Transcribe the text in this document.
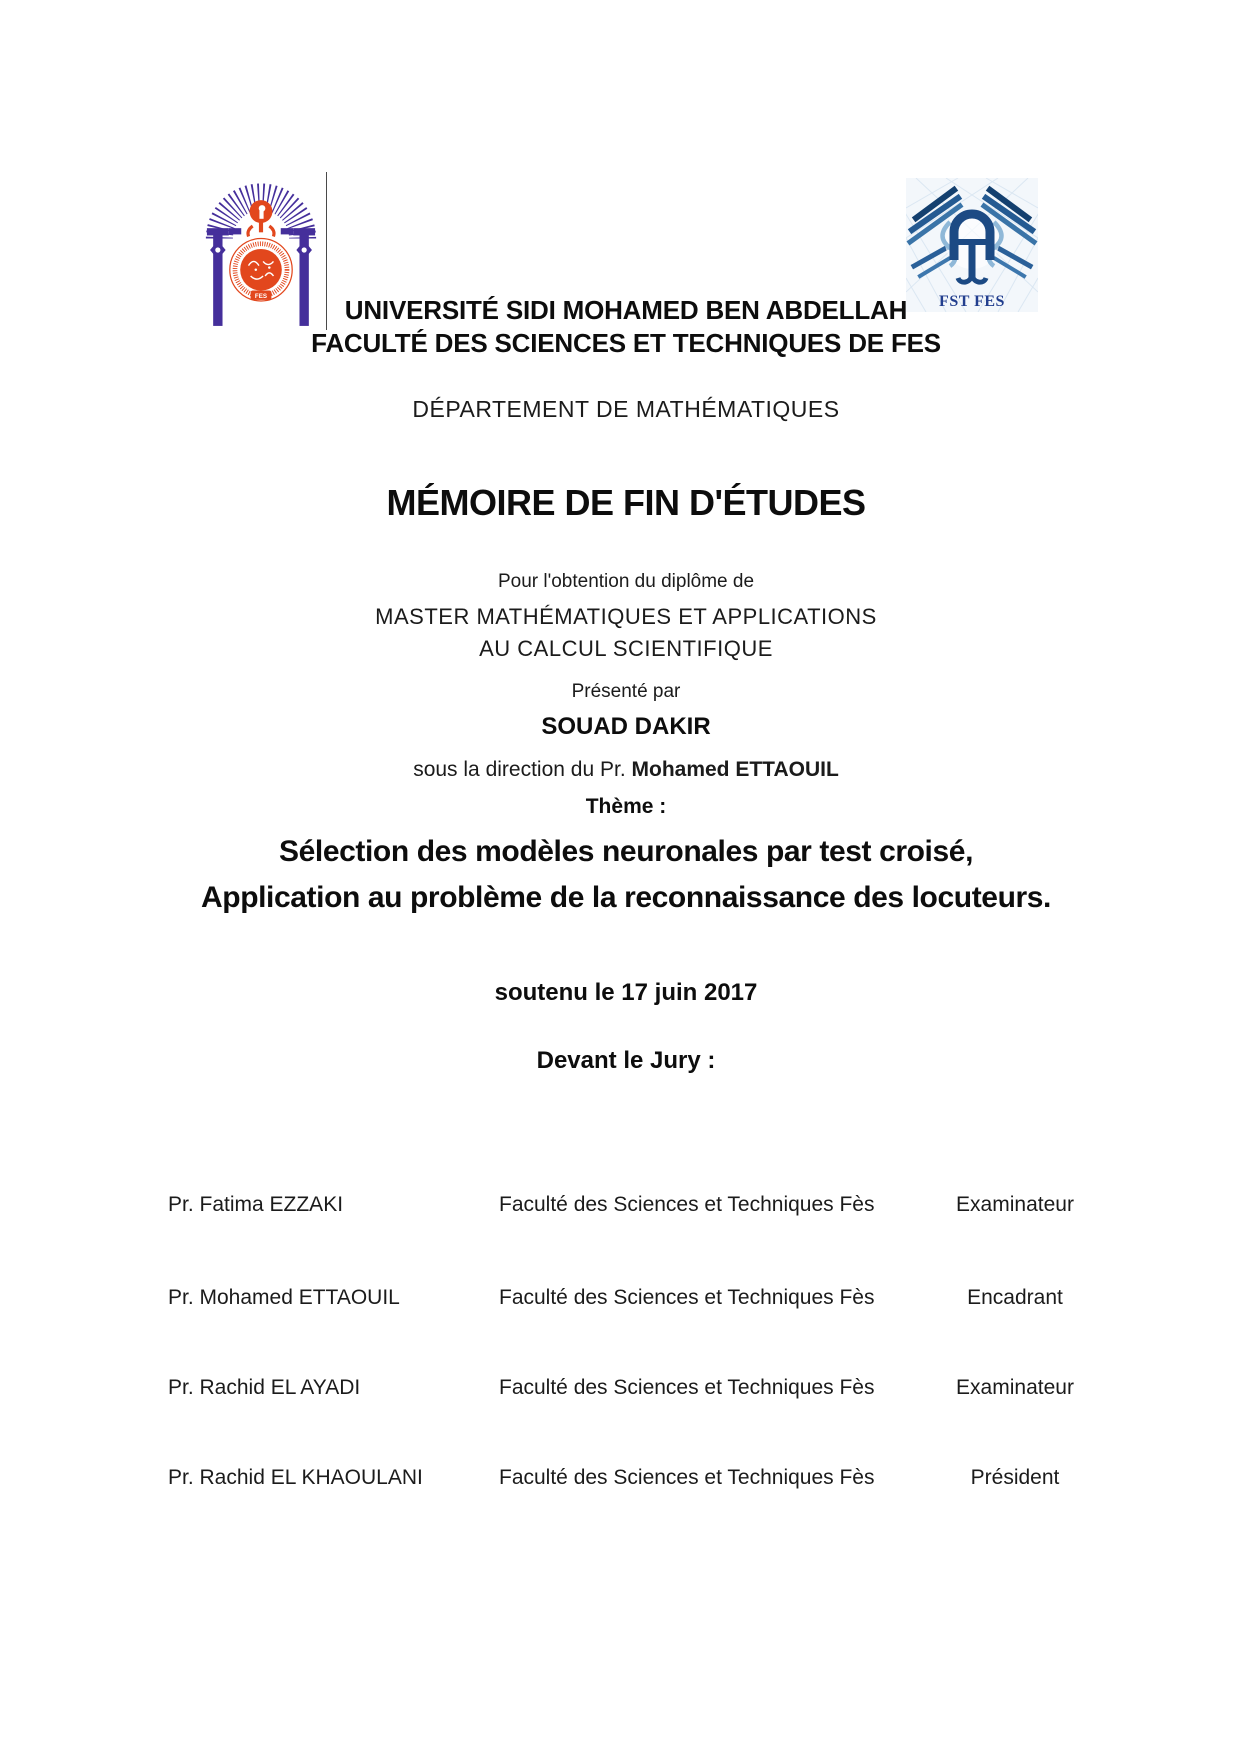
FES	FST FES
UNIVERSITÉ SIDI MOHAMED BEN ABDELLAH
FACULTÉ DES SCIENCES ET TECHNIQUES DE FES
DÉPARTEMENT DE MATHÉMATIQUES
MÉMOIRE DE FIN D'ÉTUDES
Pour l'obtention du diplôme de
MASTER MATHÉMATIQUES ET APPLICATIONS
AU CALCUL SCIENTIFIQUE
Présenté par
SOUAD DAKIR
sous la direction du Pr. Mohamed ETTAOUIL
Thème :
Sélection des modèles neuronales par test croisé,
Application au problème de la reconnaissance des locuteurs.
soutenu le 17 juin 2017
Devant le Jury :
Pr. Fatima EZZAKI	Faculté des Sciences et Techniques Fès	Examinateur
Pr. Mohamed ETTAOUIL	Faculté des Sciences et Techniques Fès	Encadrant
Pr. Rachid EL AYADI	Faculté des Sciences et Techniques Fès	Examinateur
Pr. Rachid EL KHAOULANI	Faculté des Sciences et Techniques Fès	Président
